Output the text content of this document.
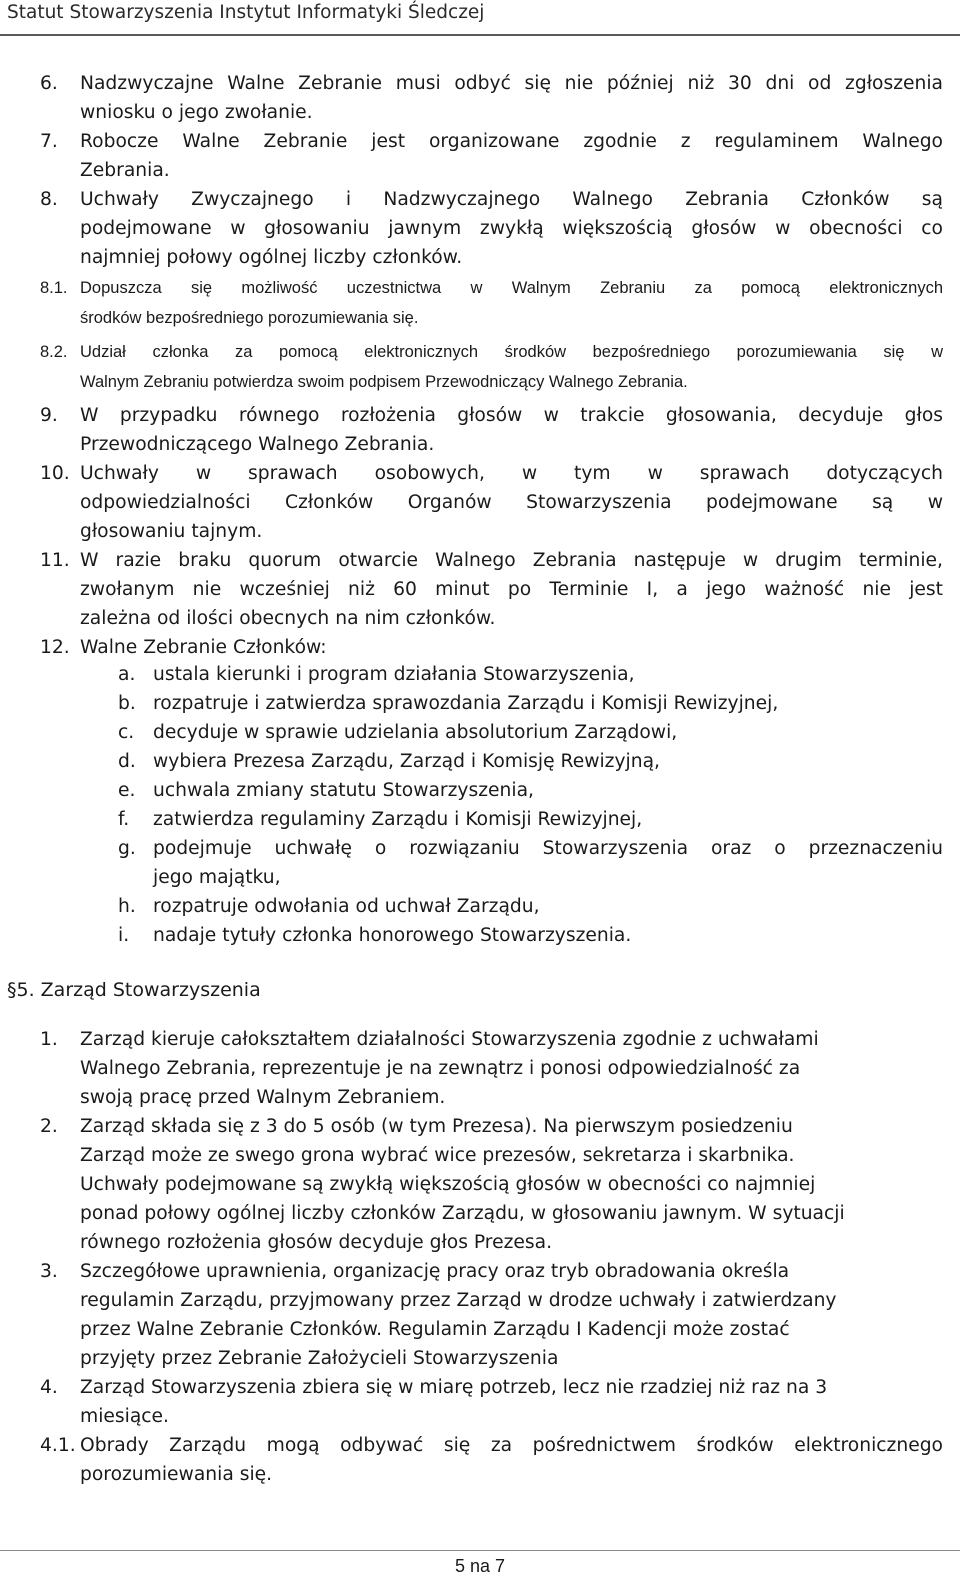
Statut Stowarzyszenia Instytut Informatyki Śledczej
6. Nadzwyczajne Walne Zebranie musi odbyć się nie później niż 30 dni od zgłoszenia
wniosku o jego zwołanie.
7. Robocze Walne Zebranie jest organizowane zgodnie z regulaminem Walnego
Zebrania.
8. Uchwały Zwyczajnego i Nadzwyczajnego Walnego Zebrania Członków są
podejmowane w głosowaniu jawnym zwykłą większością głosów w obecności co
najmniej połowy ogólnej liczby członków.
8.1. Dopuszcza się możliwość uczestnictwa w Walnym Zebraniu za pomocą elektronicznych
środków bezpośredniego porozumiewania się.
8.2. Udział członka za pomocą elektronicznych środków bezpośredniego porozumiewania się w
Walnym Zebraniu potwierdza swoim podpisem Przewodniczący Walnego Zebrania.
9. W przypadku równego rozłożenia głosów w trakcie głosowania, decyduje głos
Przewodniczącego Walnego Zebrania.
10. Uchwały w sprawach osobowych, w tym w sprawach dotyczących
odpowiedzialności Członków Organów Stowarzyszenia podejmowane są w
głosowaniu tajnym.
11. W razie braku quorum otwarcie Walnego Zebrania następuje w drugim terminie,
zwołanym nie wcześniej niż 60 minut po Terminie I, a jego ważność nie jest
zależna od ilości obecnych na nim członków.
12. Walne Zebranie Członków:
a. ustala kierunki i program działania Stowarzyszenia,
b. rozpatruje i zatwierdza sprawozdania Zarządu i Komisji Rewizyjnej,
c. decyduje w sprawie udzielania absolutorium Zarządowi,
d. wybiera Prezesa Zarządu, Zarząd i Komisję Rewizyjną,
e. uchwala zmiany statutu Stowarzyszenia,
f. zatwierdza regulaminy Zarządu i Komisji Rewizyjnej,
g. podejmuje uchwałę o rozwiązaniu Stowarzyszenia oraz o przeznaczeniu
jego majątku,
h. rozpatruje odwołania od uchwał Zarządu,
i. nadaje tytuły członka honorowego Stowarzyszenia.
§5. Zarząd Stowarzyszenia
1. Zarząd kieruje całokształtem działalności Stowarzyszenia zgodnie z uchwałami
Walnego Zebrania, reprezentuje je na zewnątrz i ponosi odpowiedzialność za
swoją pracę przed Walnym Zebraniem.
2. Zarząd składa się z 3 do 5 osób (w tym Prezesa). Na pierwszym posiedzeniu
Zarząd może ze swego grona wybrać wice prezesów, sekretarza i skarbnika.
Uchwały podejmowane są zwykłą większością głosów w obecności co najmniej
ponad połowy ogólnej liczby członków Zarządu, w głosowaniu jawnym. W sytuacji
równego rozłożenia głosów decyduje głos Prezesa.
3. Szczegółowe uprawnienia, organizację pracy oraz tryb obradowania określa
regulamin Zarządu, przyjmowany przez Zarząd w drodze uchwały i zatwierdzany
przez Walne Zebranie Członków. Regulamin Zarządu I Kadencji może zostać
przyjęty przez Zebranie Założycieli Stowarzyszenia
4. Zarząd Stowarzyszenia zbiera się w miarę potrzeb, lecz nie rzadziej niż raz na 3
miesiące.
4.1. Obrady Zarządu mogą odbywać się za pośrednictwem środków elektronicznego
porozumiewania się.
5 na 7
